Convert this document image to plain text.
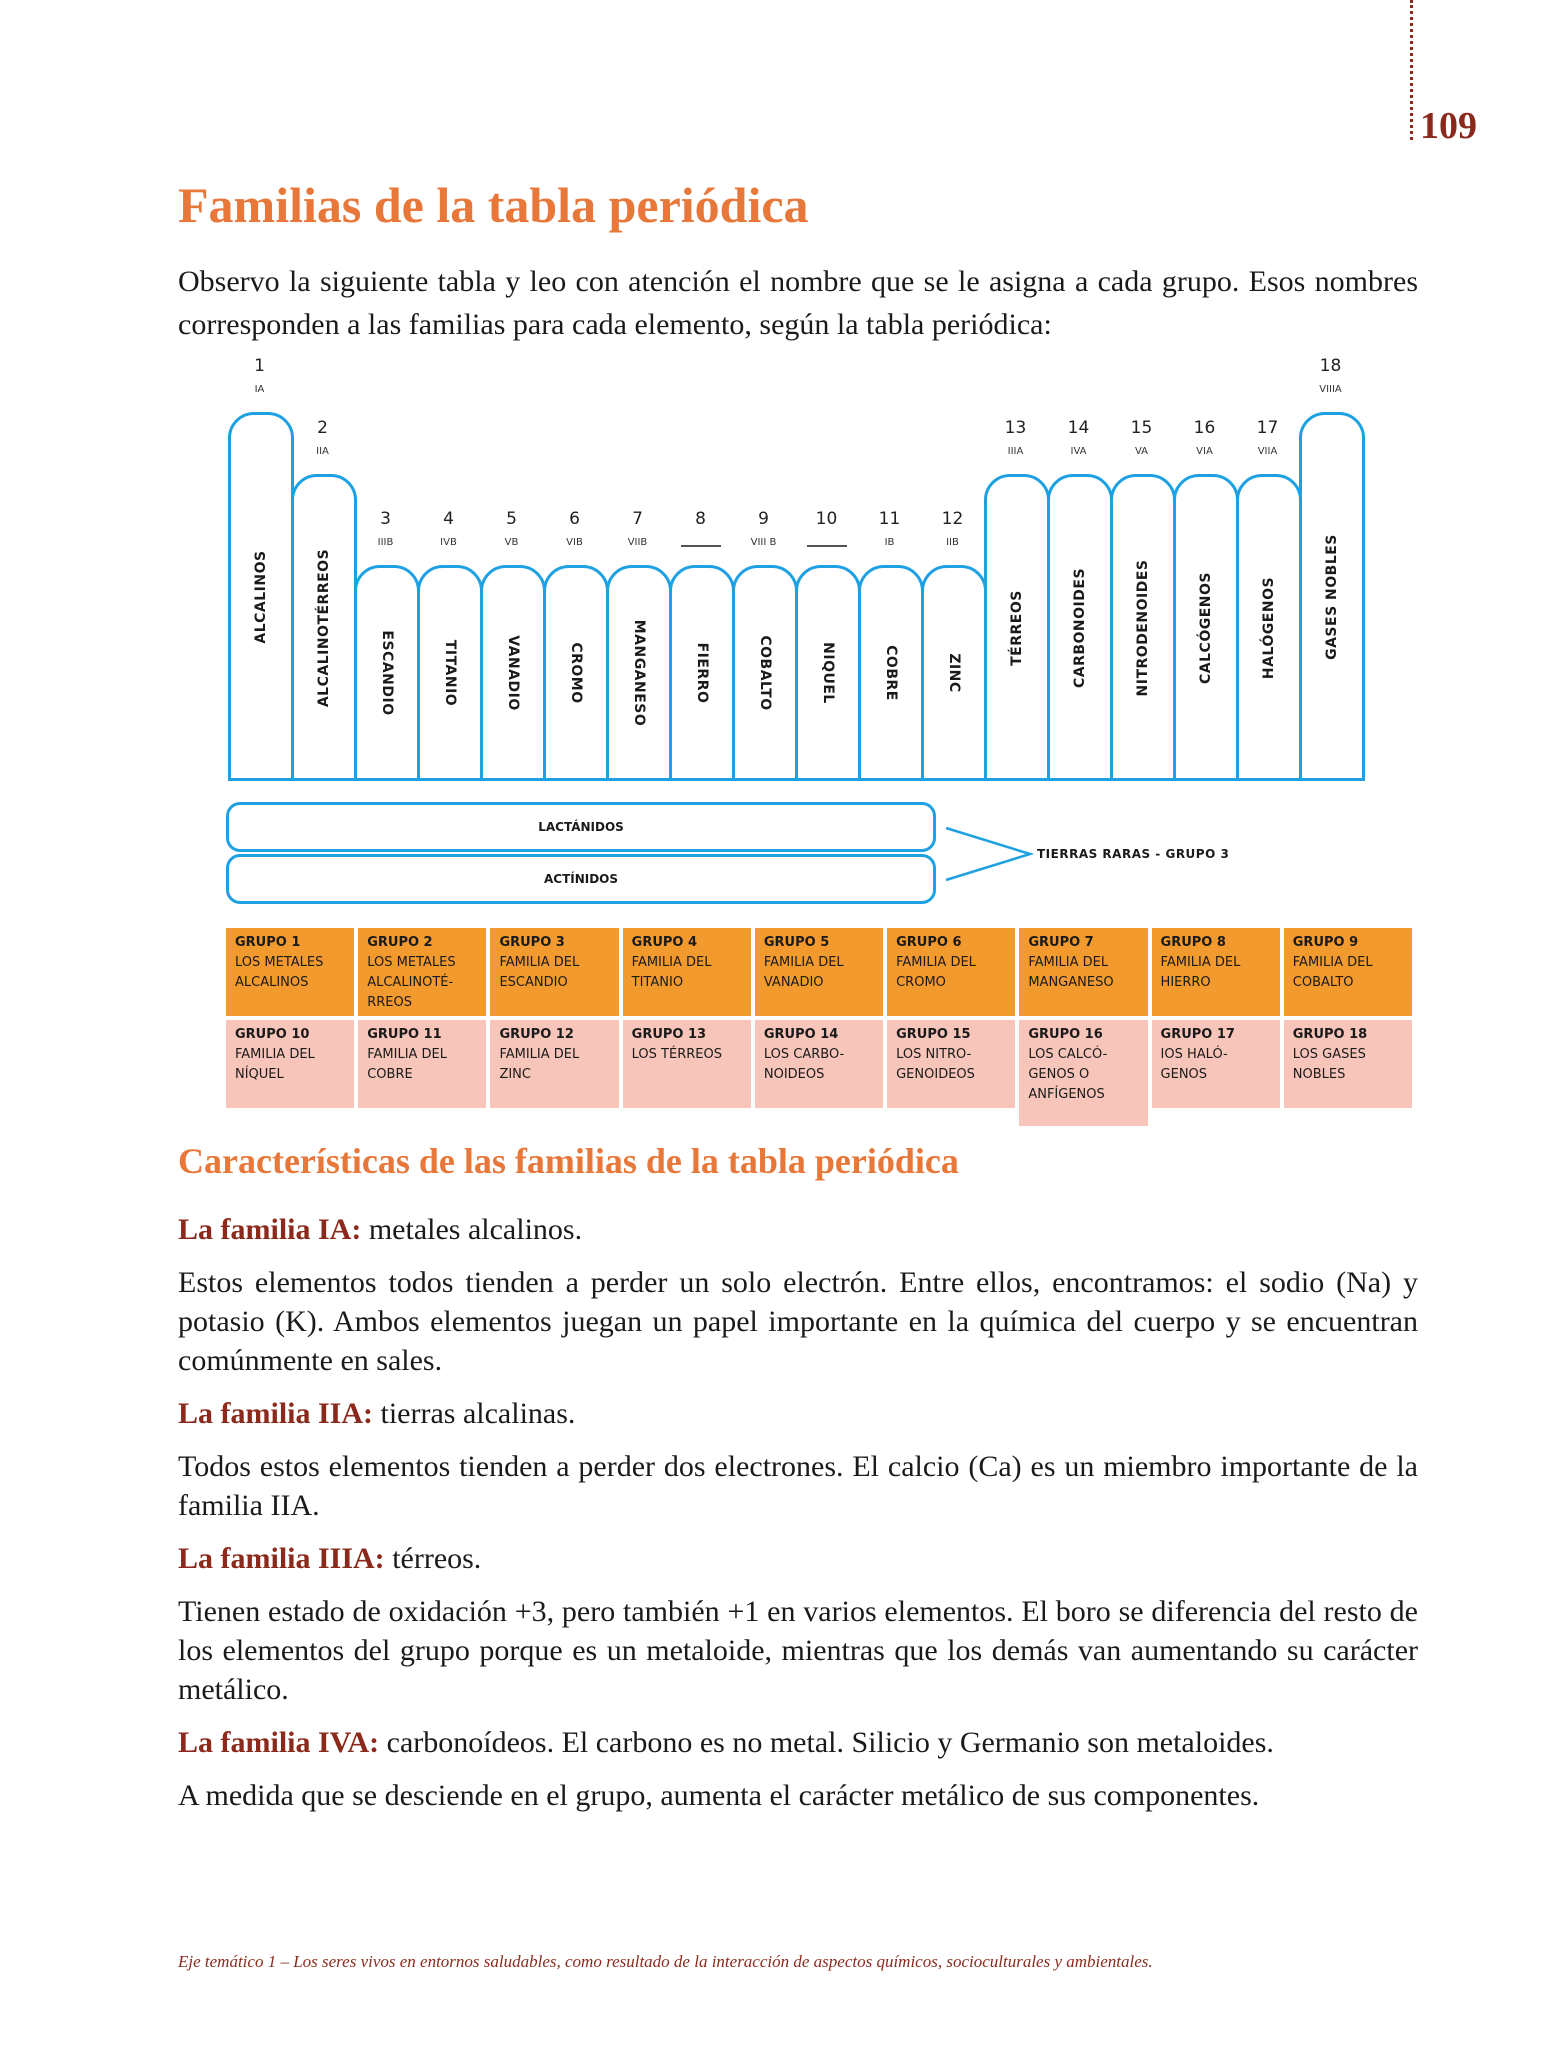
109
Familias de la tabla periódica
Observo la siguiente tabla y leo con atención el nombre que se le asigna a cada grupo. Esos nombres corresponden a las familias para cada elemento, según la tabla periódica:
1
IA
2
IIA
3
IIIB
4
IVB
5
VB
6
VIB
7
VIIB
8	9
VIII B
10	11
IB
12
IIB
13
IIIA
14
IVA
15
VA
16
VIA
17
VIIA
18
VIIIA
ALCALINOS	ALCALINOTÉRREOS	ESCANDIO	TITANIO	VANADIO	CROMO	MANGANESO	FIERRO	COBALTO	NIQUEL	COBRE	ZINC
TÉRREOS	CARBONOIDES	NITRODENOIDES	CALCÓGENOS	HALÓGENOS	GASES NOBLES
LACTÁNIDOS
ACTÍNIDOS
TIERRAS RARAS - GRUPO 3
GRUPO 1
LOS METALES ALCALINOS
GRUPO 2
LOS METALES ALCALINOTÉ- RREOS
GRUPO 3
FAMILIA DEL ESCANDIO
GRUPO 4
FAMILIA DEL TITANIO
GRUPO 5
FAMILIA DEL VANADIO
GRUPO 6
FAMILIA DEL CROMO
GRUPO 7
FAMILIA DEL MANGANESO
GRUPO 8
FAMILIA DEL HIERRO
GRUPO 9
FAMILIA DEL COBALTO
GRUPO 10
FAMILIA DEL NÍQUEL
GRUPO 11
FAMILIA DEL COBRE
GRUPO 12
FAMILIA DEL ZINC
GRUPO 13
LOS TÉRREOS
GRUPO 14
LOS CARBO- NOIDEOS
GRUPO 15
LOS NITRO- GENOIDEOS
GRUPO 16
LOS CALCÓ- GENOS O ANFÍGENOS
GRUPO 17
IOS HALÓ- GENOS
GRUPO 18
LOS GASES NOBLES
Características de las familias de la tabla periódica

La familia IA: metales alcalinos.

Estos elementos todos tienden a perder un solo electrón. Entre ellos, encontramos: el sodio (Na) y potasio (K). Ambos elementos juegan un papel importante en la química del cuerpo y se encuentran comúnmente en sales.

La familia IIA: tierras alcalinas.

Todos estos elementos tienden a perder dos electrones. El calcio (Ca) es un miembro importante de la familia IIA.

La familia IIIA: térreos.

Tienen estado de oxidación +3, pero también +1 en varios elementos. El boro se diferencia del resto de los elementos del grupo porque es un metaloide, mientras que los demás van aumentando su carácter metálico.

La familia IVA: carbonoídeos. El carbono es no metal. Silicio y Germanio son metaloides.

A medida que se desciende en el grupo, aumenta el carácter metálico de sus componentes.

Eje temático 1 – Los seres vivos en entornos saludables, como resultado de la interacción de aspectos químicos, socioculturales y ambientales.
